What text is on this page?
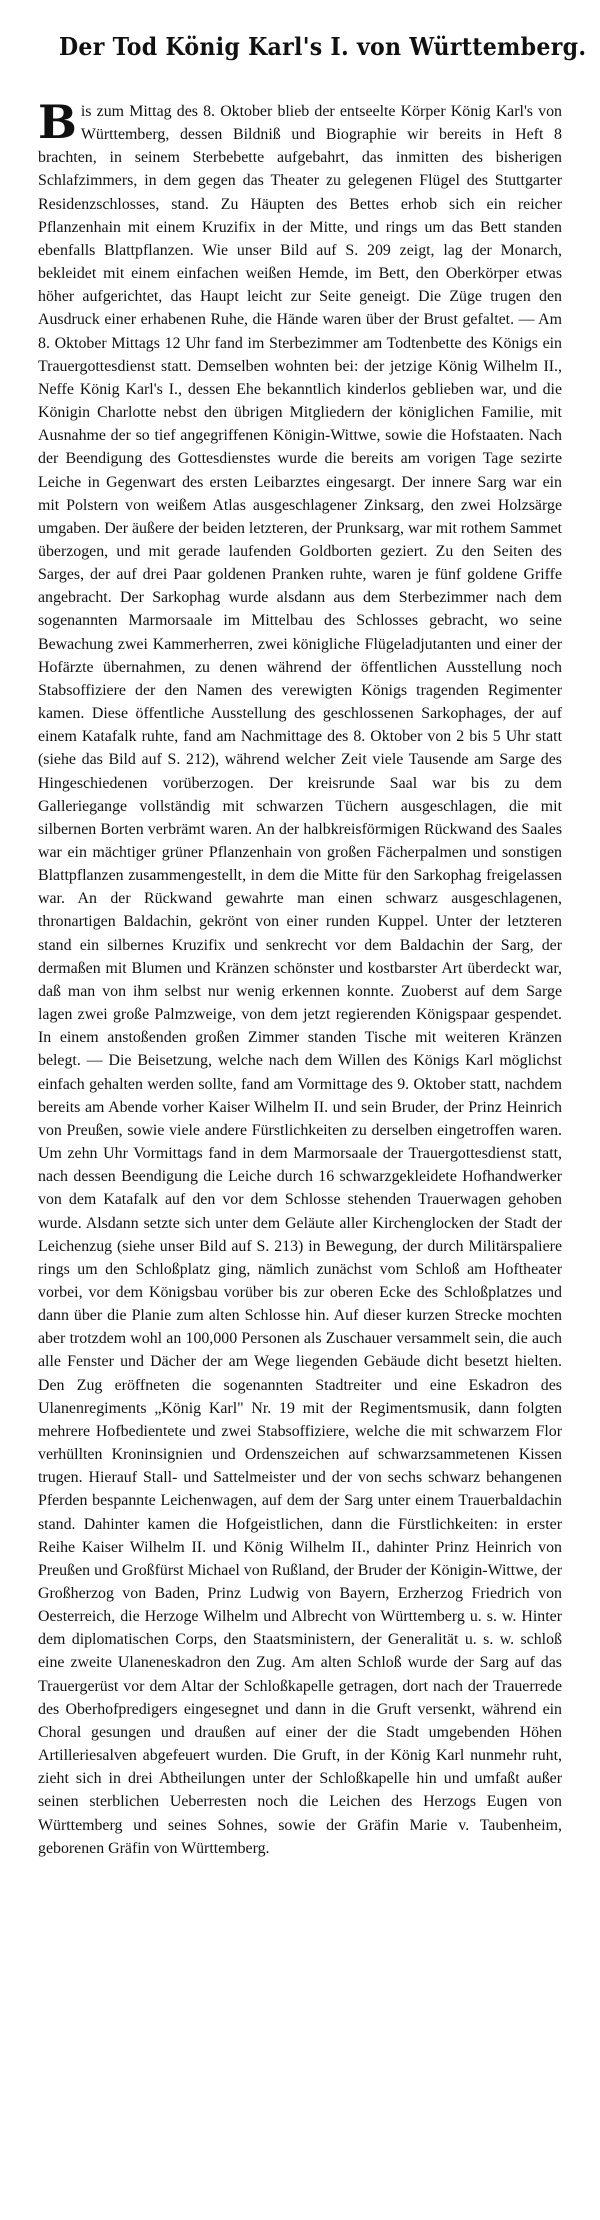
Der Tod König Karl's I. von Württemberg.
B is zum Mittag des 8. Oktober blieb der entseelte Körper König Karl's von Württemberg, dessen Bildniß und Biographie wir bereits in Heft 8 brachten, in seinem Sterbebette aufgebahrt, das inmitten des bisherigen Schlafzimmers, in dem gegen das Theater zu gelegenen Flügel des Stuttgarter Residenzschlosses, stand. Zu Häupten des Bettes erhob sich ein reicher Pflanzenhain mit einem Kruzifix in der Mitte, und rings um das Bett standen ebenfalls Blattpflanzen. Wie unser Bild auf S. 209 zeigt, lag der Monarch, bekleidet mit einem einfachen weißen Hemde, im Bett, den Oberkörper etwas höher aufgerichtet, das Haupt leicht zur Seite geneigt. Die Züge trugen den Ausdruck einer erhabenen Ruhe, die Hände waren über der Brust gefaltet. — Am 8. Oktober Mittags 12 Uhr fand im Sterbezimmer am Todtenbette des Königs ein Trauergottesdienst statt. Demselben wohnten bei: der jetzige König Wilhelm II., Neffe König Karl's I., dessen Ehe bekanntlich kinderlos geblieben war, und die Königin Charlotte nebst den übrigen Mitgliedern der königlichen Familie, mit Ausnahme der so tief angegriffenen Königin-Wittwe, sowie die Hofstaaten. Nach der Beendigung des Gottesdienstes wurde die bereits am vorigen Tage sezirte Leiche in Gegenwart des ersten Leibarztes eingesargt. Der innere Sarg war ein mit Polstern von weißem Atlas ausgeschlagener Zinksarg, den zwei Holzsärge umgaben. Der äußere der beiden letzteren, der Prunksarg, war mit rothem Sammet überzogen, und mit gerade laufenden Goldborten geziert. Zu den Seiten des Sarges, der auf drei Paar goldenen Pranken ruhte, waren je fünf goldene Griffe angebracht. Der Sarkophag wurde alsdann aus dem Sterbezimmer nach dem sogenannten Marmorsaale im Mittelbau des Schlosses gebracht, wo seine Bewachung zwei Kammerherren, zwei königliche Flügeladjutanten und einer der Hofärzte übernahmen, zu denen während der öffentlichen Ausstellung noch Stabsoffiziere der den Namen des verewigten Königs tragenden Regimenter kamen. Diese öffentliche Ausstellung des geschlossenen Sarkophages, der auf einem Katafalk ruhte, fand am Nachmittage des 8. Oktober von 2 bis 5 Uhr statt (siehe das Bild auf S. 212), während welcher Zeit viele Tausende am Sarge des Hingeschiedenen vorüberzogen. Der kreisrunde Saal war bis zu dem Galleriegange vollständig mit schwarzen Tüchern ausgeschlagen, die mit silbernen Borten verbrämt waren. An der halbkreisförmigen Rückwand des Saales war ein mächtiger grüner Pflanzenhain von großen Fächerpalmen und sonstigen Blattpflanzen zusammengestellt, in dem die Mitte für den Sarkophag freigelassen war. An der Rückwand gewahrte man einen schwarz ausgeschlagenen, thronartigen Baldachin, gekrönt von einer runden Kuppel. Unter der letzteren stand ein silbernes Kruzifix und senkrecht vor dem Baldachin der Sarg, der dermaßen mit Blumen und Kränzen schönster und kostbarster Art überdeckt war, daß man von ihm selbst nur wenig erkennen konnte. Zuoberst auf dem Sarge lagen zwei große Palmzweige, von dem jetzt regierenden Königspaar gespendet. In einem anstoßenden großen Zimmer standen Tische mit weiteren Kränzen belegt. — Die Beisetzung, welche nach dem Willen des Königs Karl möglichst einfach gehalten werden sollte, fand am Vormittage des 9. Oktober statt, nachdem bereits am Abende vorher Kaiser Wilhelm II. und sein Bruder, der Prinz Heinrich von Preußen, sowie viele andere Fürstlichkeiten zu derselben eingetroffen waren. Um zehn Uhr Vormittags fand in dem Marmorsaale der Trauergottesdienst statt, nach dessen Beendigung die Leiche durch 16 schwarzgekleidete Hofhandwerker von dem Katafalk auf den vor dem Schlosse stehenden Trauerwagen gehoben wurde. Alsdann setzte sich unter dem Geläute aller Kirchenglocken der Stadt der Leichenzug (siehe unser Bild auf S. 213) in Bewegung, der durch Militärspaliere rings um den Schloßplatz ging, nämlich zunächst vom Schloß am Hoftheater vorbei, vor dem Königsbau vorüber bis zur oberen Ecke des Schloßplatzes und dann über die Planie zum alten Schlosse hin. Auf dieser kurzen Strecke mochten aber trotzdem wohl an 100,000 Personen als Zuschauer versammelt sein, die auch alle Fenster und Dächer der am Wege liegenden Gebäude dicht besetzt hielten. Den Zug eröffneten die sogenannten Stadtreiter und eine Eskadron des Ulanenregiments „König Karl" Nr. 19 mit der Regimentsmusik, dann folgten mehrere Hofbedientete und zwei Stabsoffiziere, welche die mit schwarzem Flor verhüllten Kroninsignien und Ordenszeichen auf schwarzsammetenen Kissen trugen. Hierauf Stall- und Sattelmeister und der von sechs schwarz behangenen Pferden bespannte Leichenwagen, auf dem der Sarg unter einem Trauerbaldachin stand. Dahinter kamen die Hofgeistlichen, dann die Fürstlichkeiten: in erster Reihe Kaiser Wilhelm II. und König Wilhelm II., dahinter Prinz Heinrich von Preußen und Großfürst Michael von Rußland, der Bruder der Königin-Wittwe, der Großherzog von Baden, Prinz Ludwig von Bayern, Erzherzog Friedrich von Oesterreich, die Herzoge Wilhelm und Albrecht von Württemberg u. s. w. Hinter dem diplomatischen Corps, den Staatsministern, der Generalität u. s. w. schloß eine zweite Ulaneneskadron den Zug. Am alten Schloß wurde der Sarg auf das Trauergerüst vor dem Altar der Schloßkapelle getragen, dort nach der Trauerrede des Oberhofpredigers eingesegnet und dann in die Gruft versenkt, während ein Choral gesungen und draußen auf einer der die Stadt umgebenden Höhen Artilleriesalven abgefeuert wurden. Die Gruft, in der König Karl nunmehr ruht, zieht sich in drei Abtheilungen unter der Schloßkapelle hin und umfaßt außer seinen sterblichen Ueberresten noch die Leichen des Herzogs Eugen von Württemberg und seines Sohnes, sowie der Gräfin Marie v. Taubenheim, geborenen Gräfin von Württemberg.
